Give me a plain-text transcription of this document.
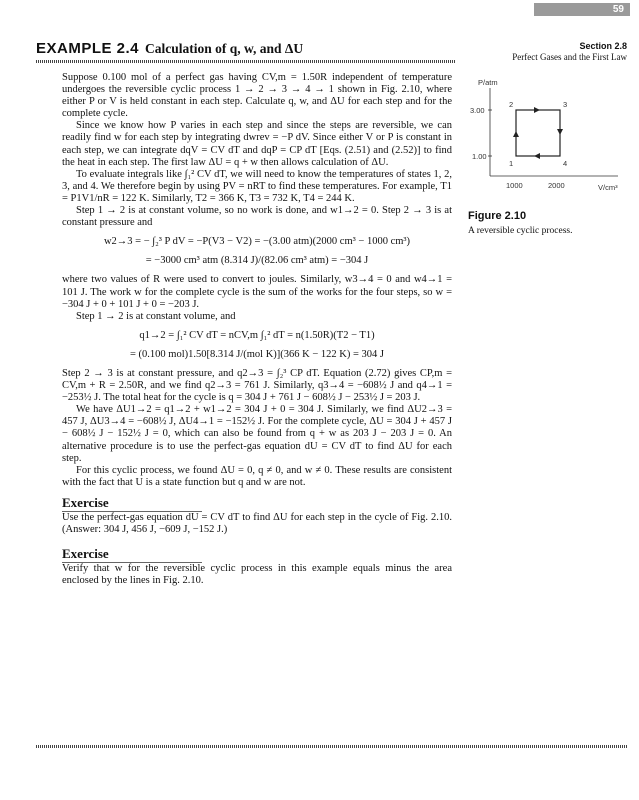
59
EXAMPLE 2.4 Calculation of q, w, and ΔU	Section 2.8
Perfect Gases and the First Law

Suppose 0.100 mol of a perfect gas having CV,m = 1.50R independent of temperature undergoes the reversible cyclic process 1 → 2 → 3 → 4 → 1 shown in Fig. 2.10, where either P or V is held constant in each step. Calculate q, w, and ΔU for each step and for the complete cycle.

Since we know how P varies in each step and since the steps are reversible, we can readily find w for each step by integrating dwrev = −P dV. Since either V or P is constant in each step, we can integrate dqV = CV dT and dqP = CP dT [Eqs. (2.51) and (2.52)] to find the heat in each step. The first law ΔU = q + w then allows calculation of ΔU.

To evaluate integrals like ∫₁² CV dT, we will need to know the temperatures of states 1, 2, 3, and 4. We therefore begin by using PV = nRT to find these temperatures. For example, T1 = P1V1/nR = 122 K. Similarly, T2 = 366 K, T3 = 732 K, T4 = 244 K.

Step 1 → 2 is at constant volume, so no work is done, and w1→2 = 0. Step 2 → 3 is at constant pressure and

w2→3 = − ∫₂³ P dV = −P(V3 − V2) = −(3.00 atm)(2000 cm³ − 1000 cm³)
= −3000 cm³ atm (8.314 J)/(82.06 cm³ atm) = −304 J

where two values of R were used to convert to joules. Similarly, w3→4 = 0 and w4→1 = 101 J. The work w for the complete cycle is the sum of the works for the four steps, so w = −304 J + 0 + 101 J + 0 = −203 J.

Step 1 → 2 is at constant volume, and

q1→2 = ∫₁² CV dT = nCV,m ∫₁² dT = n(1.50R)(T2 − T1)
= (0.100 mol)1.50[8.314 J/(mol K)](366 K − 122 K) = 304 J

Step 2 → 3 is at constant pressure, and q2→3 = ∫₂³ CP dT. Equation (2.72) gives CP,m = CV,m + R = 2.50R, and we find q2→3 = 761 J. Similarly, q3→4 = −608½ J and q4→1 = −253½ J. The total heat for the cycle is q = 304 J + 761 J − 608½ J − 253½ J = 203 J.

We have ΔU1→2 = q1→2 + w1→2 = 304 J + 0 = 304 J. Similarly, we find ΔU2→3 = 457 J, ΔU3→4 = −608½ J, ΔU4→1 = −152½ J. For the complete cycle, ΔU = 304 J + 457 J − 608½ J − 152½ J = 0, which can also be found from q + w as 203 J − 203 J = 0. An alternative procedure is to use the perfect-gas equation dU = CV dT to find ΔU for each step.

For this cyclic process, we found ΔU = 0, q ≠ 0, and w ≠ 0. These results are consistent with the fact that U is a state function but q and w are not.

Exercise

Use the perfect-gas equation dU = CV dT to find ΔU for each step in the cycle of Fig. 2.10. (Answer: 304 J, 456 J, −609 J, −152 J.)

Exercise

Verify that w for the reversible cyclic process in this example equals minus the area enclosed by the lines in Fig. 2.10.

P/atm
3.00
1.00
1000	2000	V/cm³
1
2	3
4
Figure 2.10
A reversible cyclic process.
